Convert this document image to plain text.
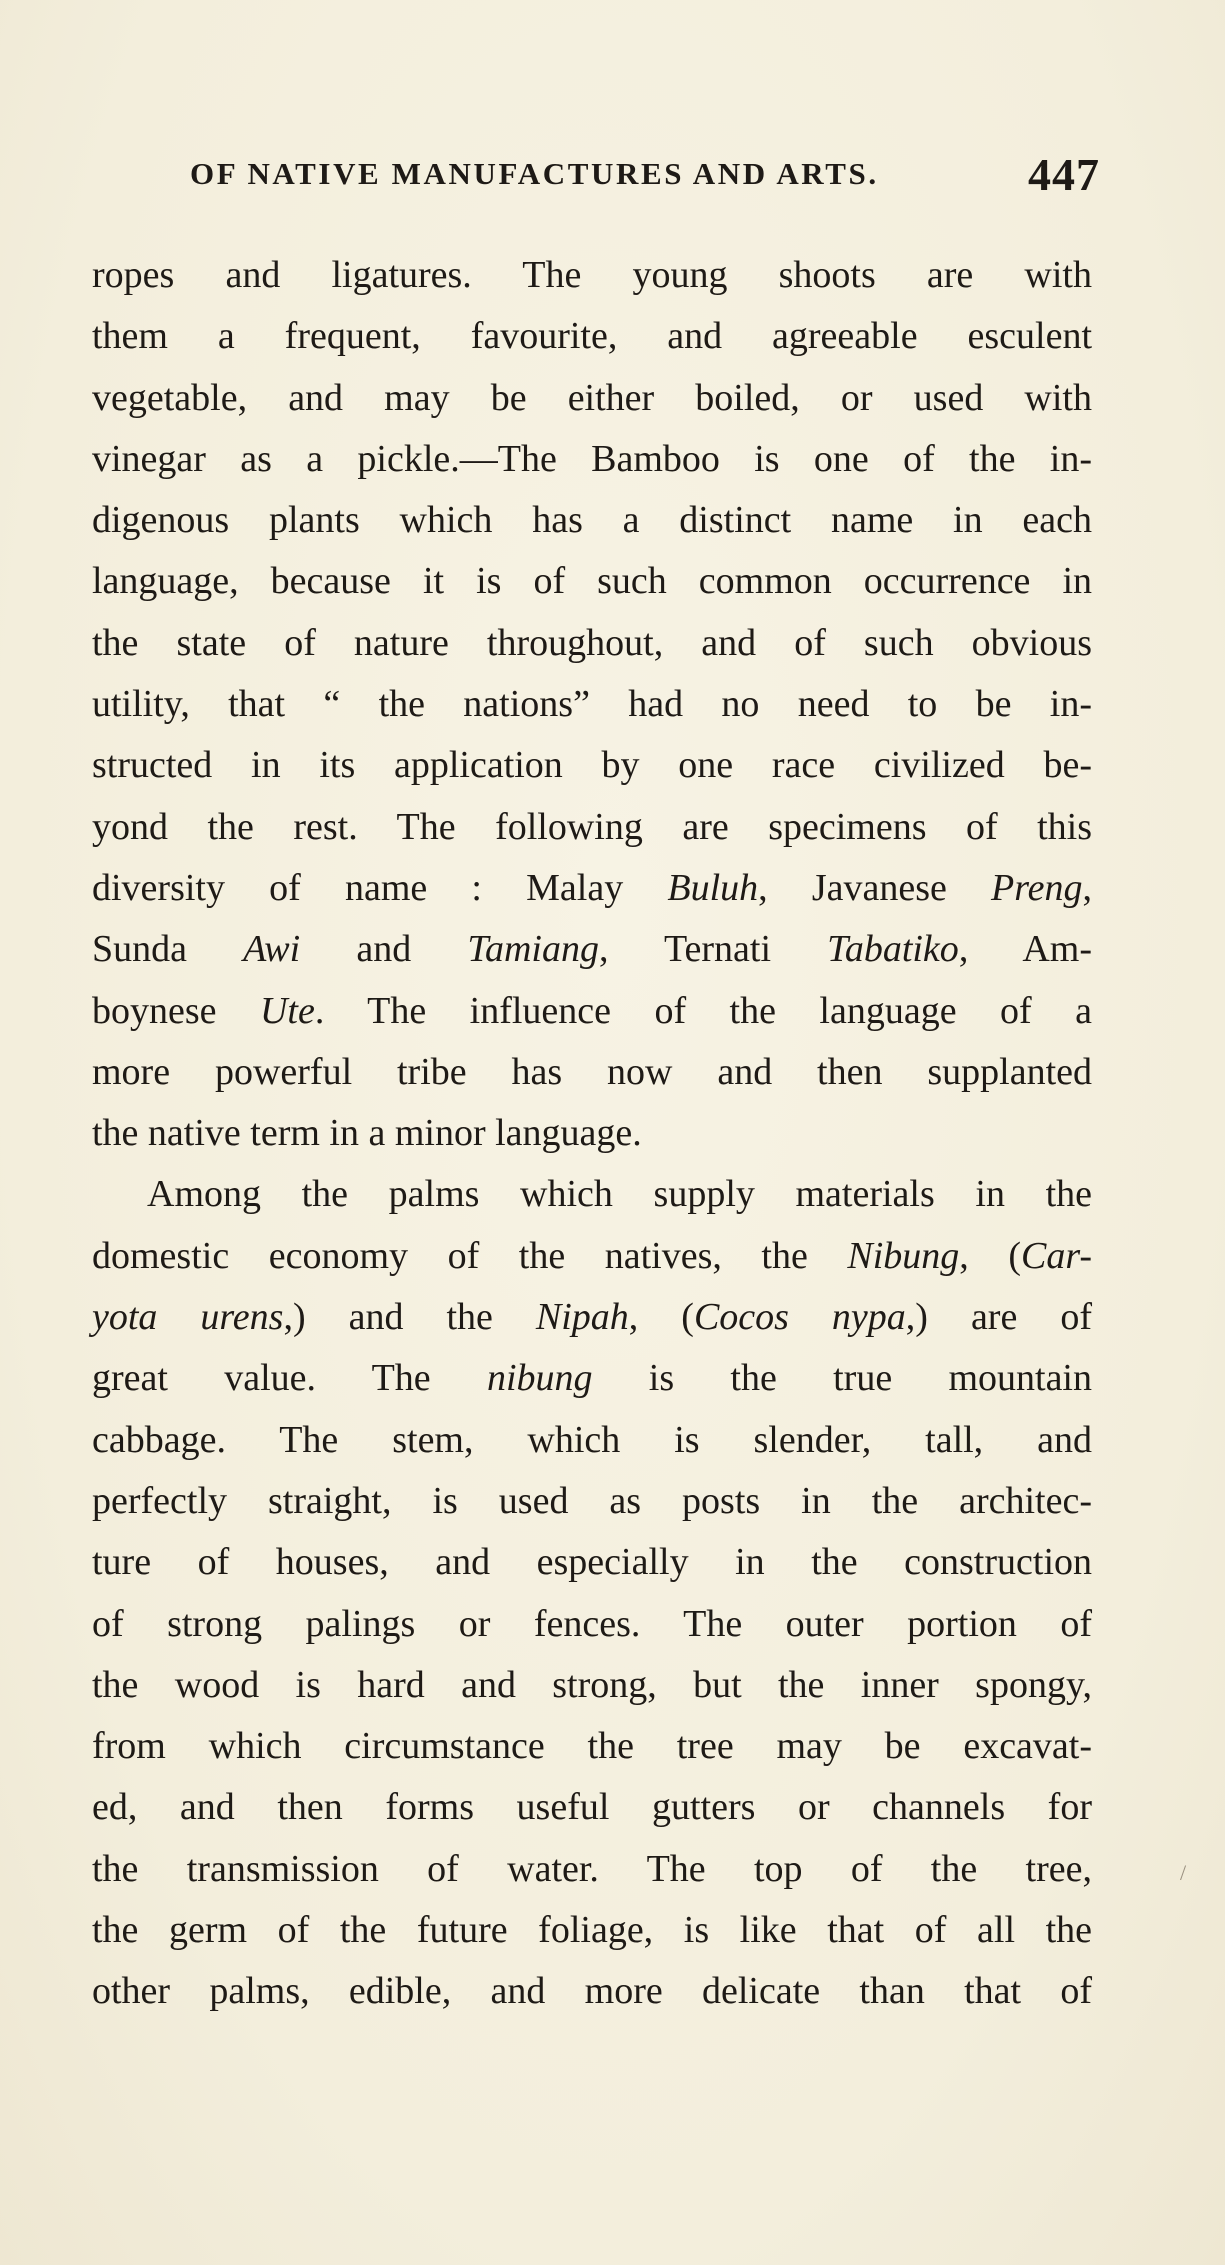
OF NATIVE MANUFACTURES AND ARTS.	447
ropes and ligatures. The young shoots are with
them a frequent, favourite, and agreeable esculent
vegetable, and may be either boiled, or used with
vinegar as a pickle.—The Bamboo is one of the in-
digenous plants which has a distinct name in each
language, because it is of such common occurrence in
the state of nature throughout, and of such obvious
utility, that “ the nations” had no need to be in-
structed in its application by one race civilized be-
yond the rest. The following are specimens of this
diversity of name : Malay Buluh, Javanese Preng,
Sunda Awi and Tamiang, Ternati Tabatiko, Am-
boynese Ute. The influence of the language of a
more powerful tribe has now and then supplanted
the native term in a minor language.
Among the palms which supply materials in the
domestic economy of the natives, the Nibung, (Car-
yota urens,) and the Nipah, (Cocos nypa,) are of
great value. The nibung is the true mountain
cabbage. The stem, which is slender, tall, and
perfectly straight, is used as posts in the architec-
ture of houses, and especially in the construction
of strong palings or fences. The outer portion of
the wood is hard and strong, but the inner spongy,
from which circumstance the tree may be excavat-
ed, and then forms useful gutters or channels for
the transmission of water. The top of the tree,
the germ of the future foliage, is like that of all the
other palms, edible, and more delicate than that of
/
